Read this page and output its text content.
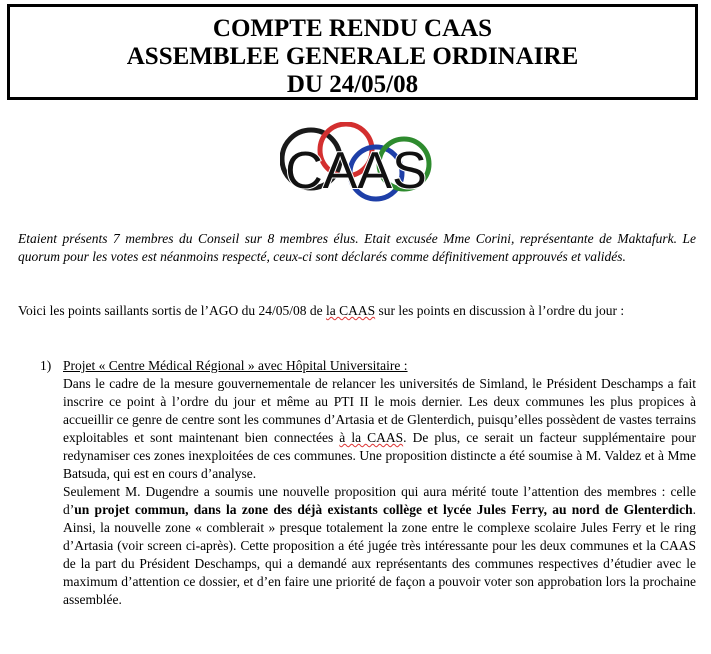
COMPTE RENDU CAAS
ASSEMBLEE GENERALE ORDINAIRE
DU 24/05/08
CAAS
Etaient présents 7 membres du Conseil sur 8 membres élus. Etait excusée Mme Corini, représentante de Maktafurk. Le quorum pour les votes est néanmoins respecté, ceux-ci sont déclarés comme définitivement approuvés et validés.
Voici les points saillants sortis de l’AGO du 24/05/08 de la CAAS sur les points en discussion à l’ordre du jour :
1) Projet « Centre Médical Régional » avec Hôpital Universitaire :

Dans le cadre de la mesure gouvernementale de relancer les universités de Simland, le Président Deschamps a fait inscrire ce point à l’ordre du jour et même au PTI II le mois dernier. Les deux communes les plus propices à accueillir ce genre de centre sont les communes d’Artasia et de Glenterdich, puisqu’elles possèdent de vastes terrains exploitables et sont maintenant bien connectées à la CAAS. De plus, ce serait un facteur supplémentaire pour redynamiser ces zones inexploitées de ces communes. Une proposition distincte a été soumise à M. Valdez et à Mme Batsuda, qui est en cours d’analyse.

Seulement M. Dugendre a soumis une nouvelle proposition qui aura mérité toute l’attention des membres : celle d’un projet commun, dans la zone des déjà existants collège et lycée Jules Ferry, au nord de Glenterdich. Ainsi, la nouvelle zone « comblerait » presque totalement la zone entre le complexe scolaire Jules Ferry et le ring d’Artasia (voir screen ci-après). Cette proposition a été jugée très intéressante pour les deux communes et la CAAS de la part du Président Deschamps, qui a demandé aux représentants des communes respectives d’étudier avec le maximum d’attention ce dossier, et d’en faire une priorité de façon a pouvoir voter son approbation lors la prochaine assemblée.
